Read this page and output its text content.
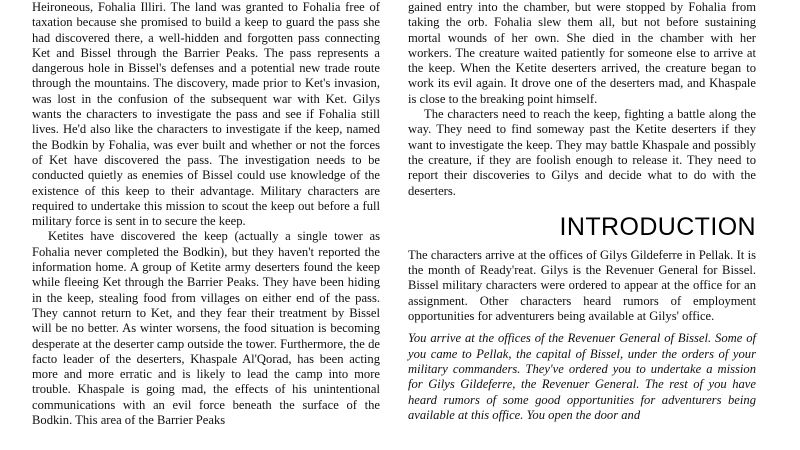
Heironeous, Fohalia Illiri. The land was granted to Fohalia free of taxation because she promised to build a keep to guard the pass she had discovered there, a well-hidden and forgotten pass connecting Ket and Bissel through the Barrier Peaks. The pass represents a dangerous hole in Bissel's defenses and a potential new trade route through the mountains. The discovery, made prior to Ket's invasion, was lost in the confusion of the subsequent war with Ket. Gilys wants the characters to investigate the pass and see if Fohalia still lives. He'd also like the characters to investigate if the keep, named the Bodkin by Fohalia, was ever built and whether or not the forces of Ket have discovered the pass. The investigation needs to be conducted quietly as enemies of Bissel could use knowledge of the existence of this keep to their advantage. Military characters are required to undertake this mission to scout the keep out before a full military force is sent in to secure the keep.

Ketites have discovered the keep (actually a single tower as Fohalia never completed the Bodkin), but they haven't reported the information home. A group of Ketite army deserters found the keep while fleeing Ket through the Barrier Peaks. They have been hiding in the keep, stealing food from villages on either end of the pass. They cannot return to Ket, and they fear their treatment by Bissel will be no better. As winter worsens, the food situation is becoming desperate at the deserter camp outside the tower. Furthermore, the de facto leader of the deserters, Khaspale Al'Qorad, has been acting more and more erratic and is likely to lead the camp into more trouble. Khaspale is going mad, the effects of his unintentional communications with an evil force beneath the surface of the Bodkin. This area of the Barrier Peaks

gained entry into the chamber, but were stopped by Fohalia from taking the orb. Fohalia slew them all, but not before sustaining mortal wounds of her own. She died in the chamber with her workers. The creature waited patiently for someone else to arrive at the keep. When the Ketite deserters arrived, the creature began to work its evil again. It drove one of the deserters mad, and Khaspale is close to the breaking point himself.

The characters need to reach the keep, fighting a battle along the way. They need to find someway past the Ketite deserters if they want to investigate the keep. They may battle Khaspale and possibly the creature, if they are foolish enough to release it. They need to report their discoveries to Gilys and decide what to do with the deserters.

INTRODUCTION

The characters arrive at the offices of Gilys Gildeferre in Pellak. It is the month of Ready'reat. Gilys is the Revenuer General for Bissel. Bissel military characters were ordered to appear at the office for an assignment. Other characters heard rumors of employment opportunities for adventurers being available at Gilys' office.

You arrive at the offices of the Revenuer General of Bissel. Some of you came to Pellak, the capital of Bissel, under the orders of your military commanders. They've ordered you to undertake a mission for Gilys Gildeferre, the Revenuer General. The rest of you have heard rumors of some good opportunities for adventurers being available at this office. You open the door and
